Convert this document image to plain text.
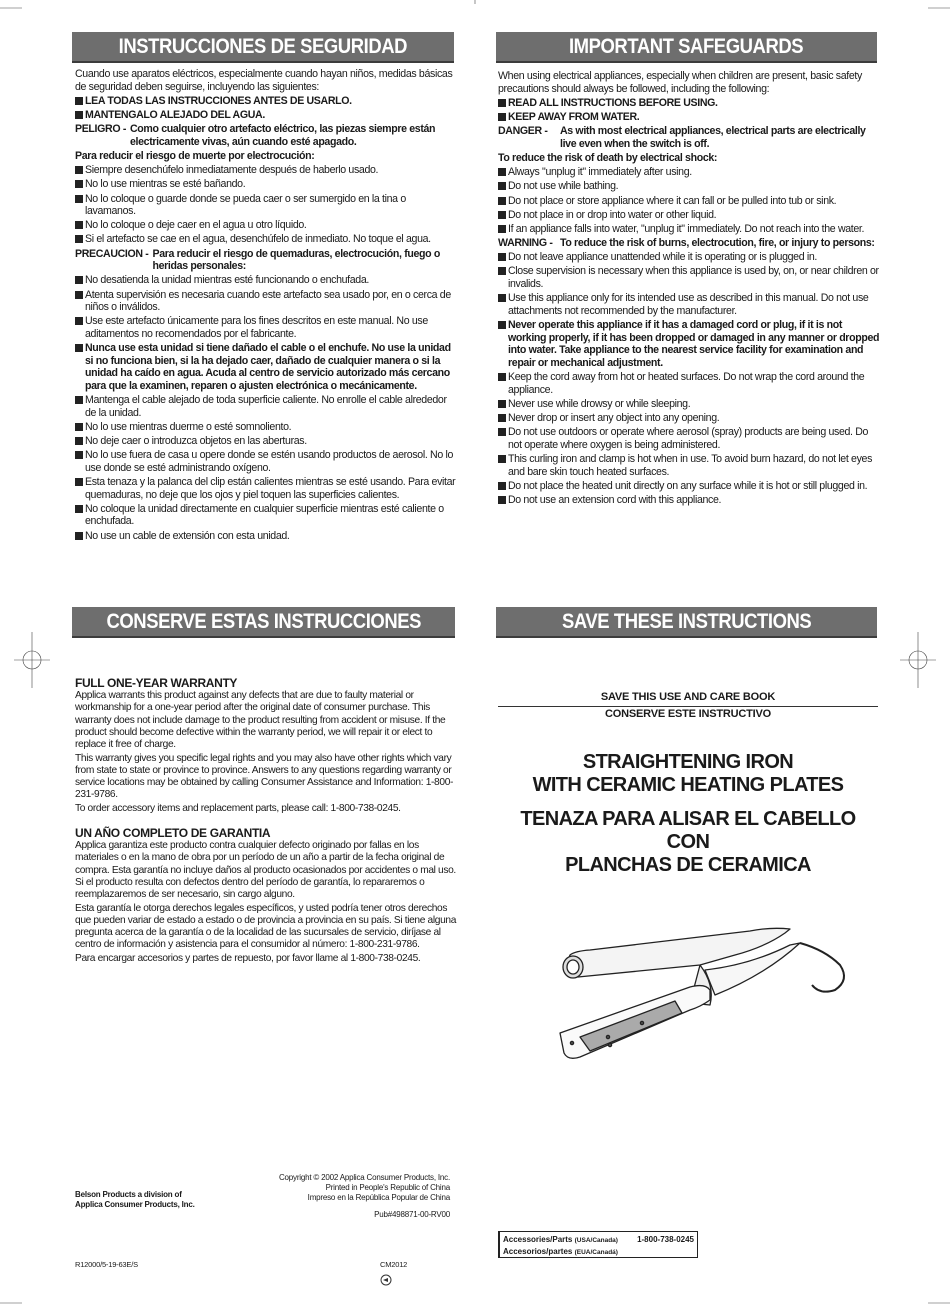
INSTRUCCIONES DE SEGURIDAD	IMPORTANT SAFEGUARDS

Cuando use aparatos eléctricos, especialmente cuando hayan niños, medidas básicas de seguridad deben seguirse, incluyendo las siguientes:

LEA TODAS LAS INSTRUCCIONES ANTES DE USARLO.
MANTENGALO ALEJADO DEL AGUA.
PELIGRO - Como cualquier otro artefacto eléctrico, las piezas siempre están electricamente vivas, aún cuando esté apagado.

Para reducir el riesgo de muerte por electrocución:

Siempre desenchúfelo inmediatamente después de haberlo usado.
No lo use mientras se esté bañando.
No lo coloque o guarde donde se pueda caer o ser sumergido en la tina o lavamanos.
No lo coloque o deje caer en el agua u otro líquido.
Si el artefacto se cae en el agua, desenchúfelo de inmediato. No toque el agua.
PRECAUCION - Para reducir el riesgo de quemaduras, electrocución, fuego o heridas personales:
No desatienda la unidad mientras esté funcionando o enchufada.
Atenta supervisión es necesaria cuando este artefacto sea usado por, en o cerca de niños o inválidos.
Use este artefacto únicamente para los fines descritos en este manual. No use aditamentos no recomendados por el fabricante.
Nunca use esta unidad si tiene dañado el cable o el enchufe. No use la unidad si no funciona bien, si la ha dejado caer, dañado de cualquier manera o si la unidad ha caído en agua. Acuda al centro de servicio autorizado más cercano para que la examinen, reparen o ajusten electrónica o mecánicamente.
Mantenga el cable alejado de toda superficie caliente. No enrolle el cable alrededor de la unidad.
No lo use mientras duerme o esté somnoliento.
No deje caer o introduzca objetos en las aberturas.
No lo use fuera de casa u opere donde se estén usando productos de aerosol. No lo use donde se esté administrando oxígeno.
Esta tenaza y la palanca del clip están calientes mientras se esté usando. Para evitar quemaduras, no deje que los ojos y piel toquen las superficies calientes.
No coloque la unidad directamente en cualquier superficie mientras esté caliente o enchufada.
No use un cable de extensión con esta unidad.

When using electrical appliances, especially when children are present, basic safety precautions should always be followed, including the following:

READ ALL INSTRUCTIONS BEFORE USING.
KEEP AWAY FROM WATER.
DANGER -	As with most electrical appliances, electrical parts are electrically live even when the switch is off.

To reduce the risk of death by electrical shock:

Always "unplug it" immediately after using.
Do not use while bathing.
Do not place or store appliance where it can fall or be pulled into tub or sink.
Do not place in or drop into water or other liquid.
If an appliance falls into water, "unplug it" immediately. Do not reach into the water.
WARNING - To reduce the risk of burns, electrocution, fire, or injury to persons:
Do not leave appliance unattended while it is operating or is plugged in.
Close supervision is necessary when this appliance is used by, on, or near children or invalids.
Use this appliance only for its intended use as described in this manual. Do not use attachments not recommended by the manufacturer.
Never operate this appliance if it has a damaged cord or plug, if it is not working properly, if it has been dropped or damaged in any manner or dropped into water. Take appliance to the nearest service facility for examination and repair or mechanical adjustment.
Keep the cord away from hot or heated surfaces. Do not wrap the cord around the appliance.
Never use while drowsy or while sleeping.
Never drop or insert any object into any opening.
Do not use outdoors or operate where aerosol (spray) products are being used. Do not operate where oxygen is being administered.
This curling iron and clamp is hot when in use. To avoid burn hazard, do not let eyes and bare skin touch heated surfaces.
Do not place the heated unit directly on any surface while it is hot or still plugged in.
Do not use an extension cord with this appliance.
CONSERVE ESTAS INSTRUCCIONES	SAVE THESE INSTRUCTIONS
FULL ONE-YEAR WARRANTY

Applica warrants this product against any defects that are due to faulty material or workmanship for a one-year period after the original date of consumer purchase. This warranty does not include damage to the product resulting from accident or misuse. If the product should become defective within the warranty period, we will repair it or elect to replace it free of charge.

This warranty gives you specific legal rights and you may also have other rights which vary from state to state or province to province. Answers to any questions regarding warranty or service locations may be obtained by calling Consumer Assistance and Information: 1-800-231-9786.

To order accessory items and replacement parts, please call: 1-800-738-0245.

UN AÑO COMPLETO DE GARANTIA

Applica garantiza este producto contra cualquier defecto originado por fallas en los materiales o en la mano de obra por un período de un año a partir de la fecha original de compra. Esta garantía no incluye daños al producto ocasionados por accidentes o mal uso. Si el producto resulta con defectos dentro del período de garantía, lo repararemos o reemplazaremos de ser necesario, sin cargo alguno.

Esta garantía le otorga derechos legales específicos, y usted podría tener otros derechos que pueden variar de estado a estado o de provincia a provincia en su país. Si tiene alguna pregunta acerca de la garantía o de la localidad de las sucursales de servicio, diríjase al centro de información y asistencia para el consumidor al número: 1-800-231-9786.

Para encargar accesorios y partes de repuesto, por favor llame al 1-800-738-0245.

SAVE THIS USE AND CARE BOOK
CONSERVE ESTE INSTRUCTIVO
STRAIGHTENING IRON
WITH CERAMIC HEATING PLATES
TENAZA PARA ALISAR EL CABELLO CON
PLANCHAS DE CERAMICA
Belson Products a division of
Applica Consumer Products, Inc.
Copyright © 2002 Applica Consumer Products, Inc.
Printed in People's Republic of China
Impreso en la República Popular de China
Pub#498871-00-RV00
R12000/5-19-63E/S	CM2012
Accessories/Parts (USA/Canada) 1-800-738-0245
Accesorios/partes (EUA/Canadá)
